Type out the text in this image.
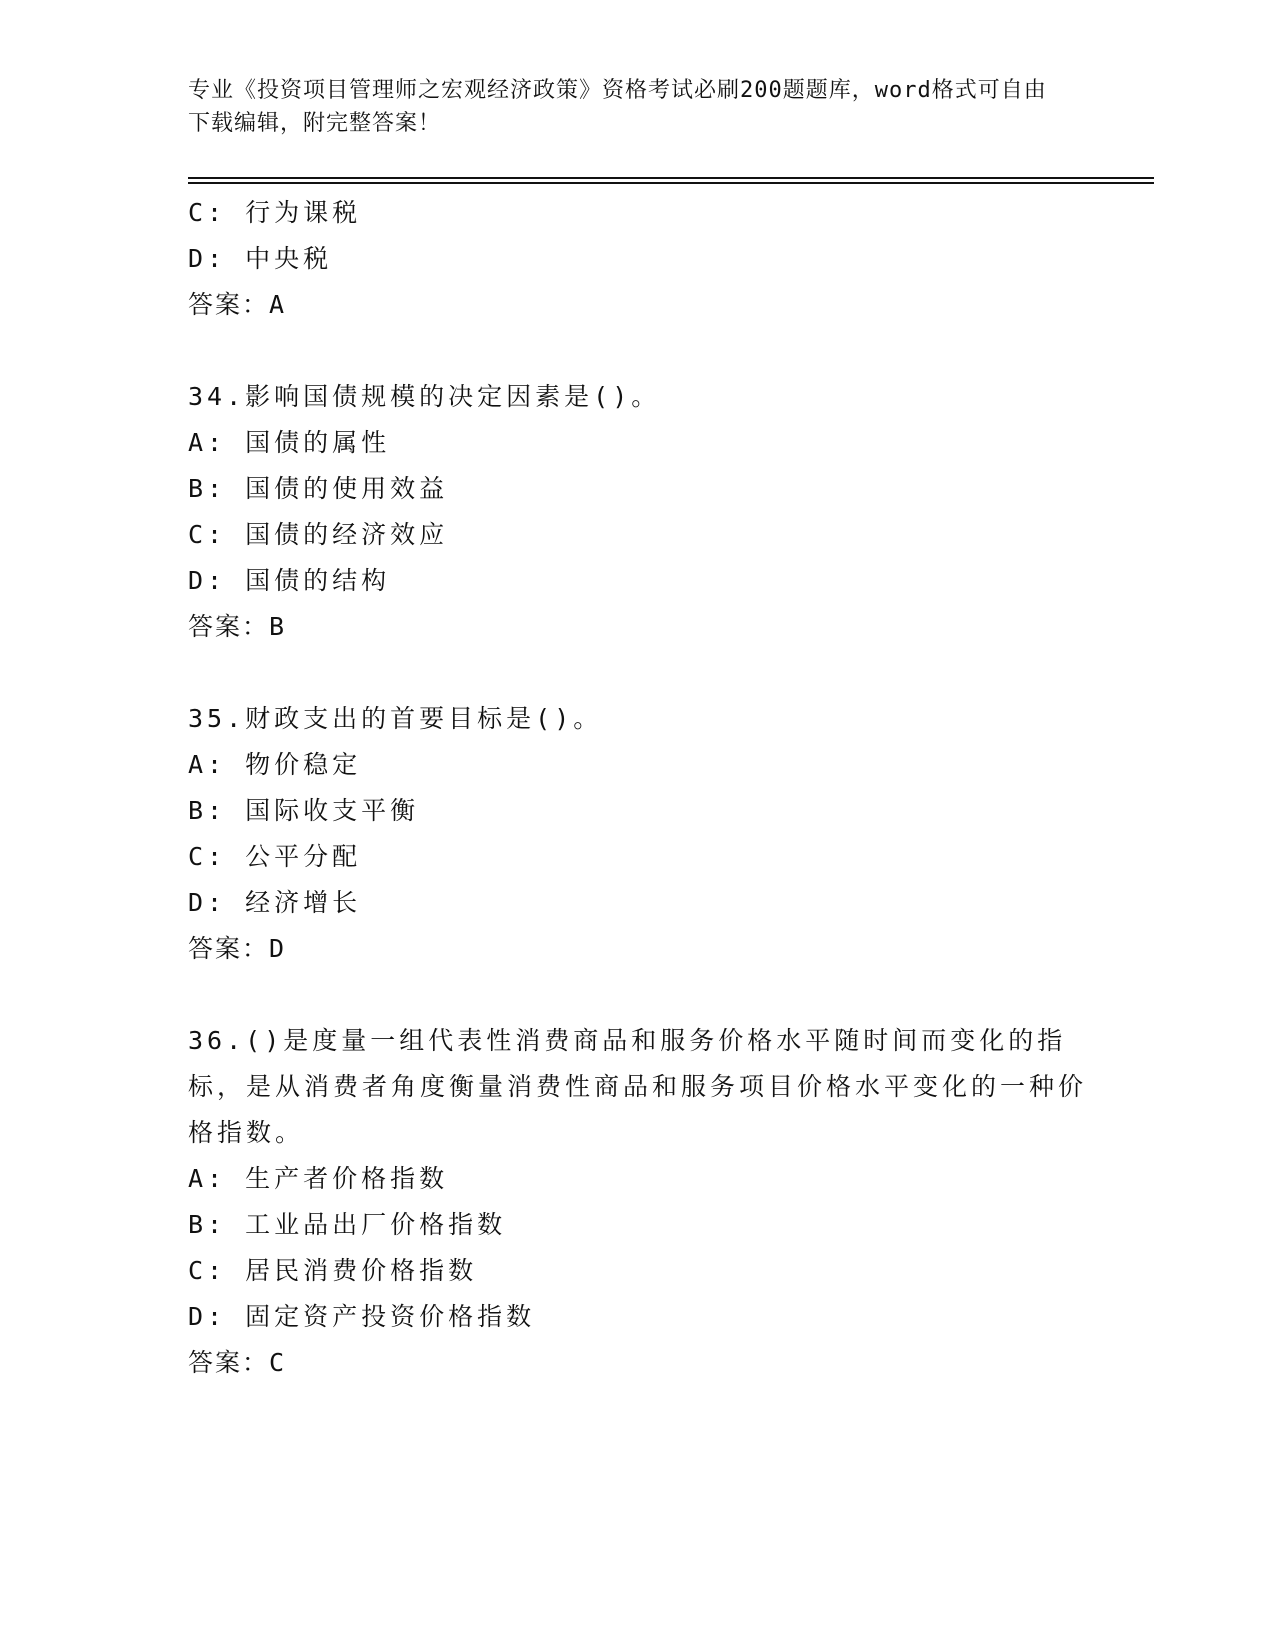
专业《投资项目管理师之宏观经济政策》资格考试必刷200题题库，word格式可自由下载编辑，附完整答案！
C: 行为课税
D: 中央税
答案：A
34.影响国债规模的决定因素是()。
A: 国债的属性
B: 国债的使用效益
C: 国债的经济效应
D: 国债的结构
答案：B
35.财政支出的首要目标是()。
A: 物价稳定
B: 国际收支平衡
C: 公平分配
D: 经济增长
答案：D
36.()是度量一组代表性消费商品和服务价格水平随时间而变化的指标，是从消费者角度衡量消费性商品和服务项目价格水平变化的一种价格指数。
A: 生产者价格指数
B: 工业品出厂价格指数
C: 居民消费价格指数
D: 固定资产投资价格指数
答案：C
